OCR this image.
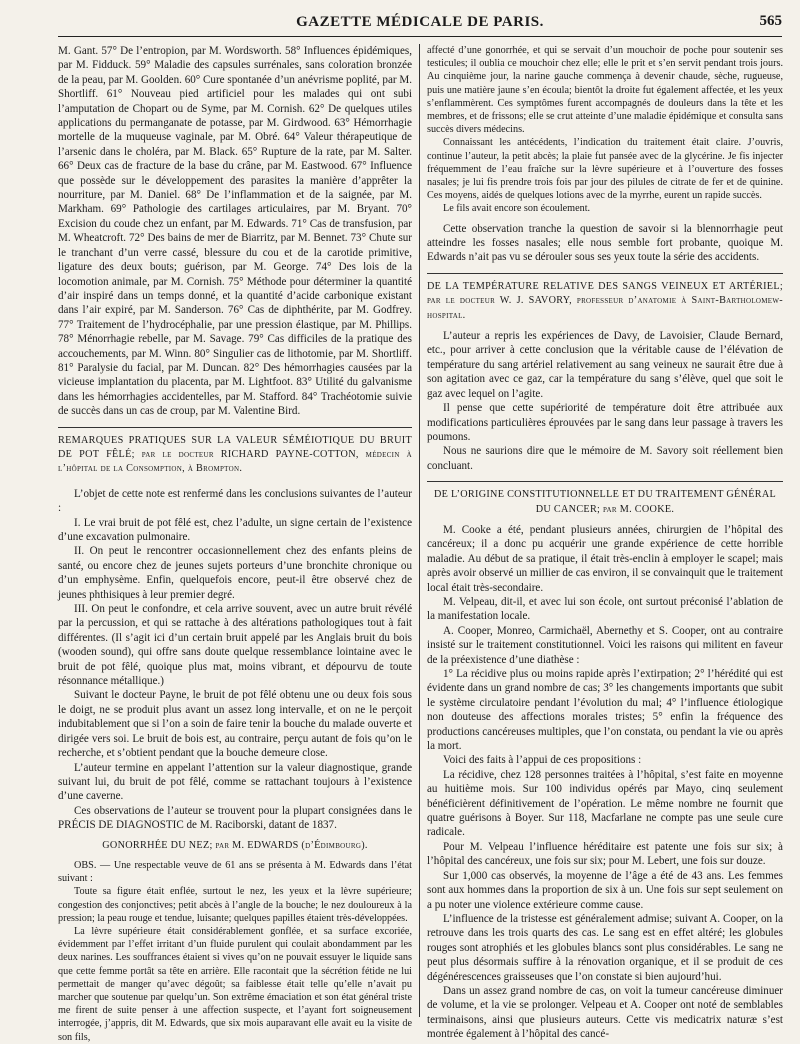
GAZETTE MÉDICALE DE PARIS.	565

M. Gant. 57° De l’entropion, par M. Wordsworth. 58° Influences épidémiques, par M. Fidduck. 59° Maladie des capsules surrénales, sans coloration bronzée de la peau, par M. Goolden. 60° Cure spontanée d’un anévrisme poplité, par M. Shortliff. 61° Nouveau pied artificiel pour les malades qui ont subi l’amputation de Chopart ou de Syme, par M. Cornish. 62° De quelques utiles applications du permanganate de potasse, par M. Girdwood. 63° Hémorrhagie mortelle de la muqueuse vaginale, par M. Obré. 64° Valeur thérapeutique de l’arsenic dans le choléra, par M. Black. 65° Rupture de la rate, par M. Salter. 66° Deux cas de fracture de la base du crâne, par M. Eastwood. 67° Influence que possède sur le développement des parasites la manière d’apprêter la nourriture, par M. Daniel. 68° De l’inflammation et de la saignée, par M. Markham. 69° Pathologie des cartilages articulaires, par M. Bryant. 70° Excision du coude chez un enfant, par M. Edwards. 71° Cas de transfusion, par M. Wheatcroft. 72° Des bains de mer de Biarritz, par M. Bennet. 73° Chute sur le tranchant d’un verre cassé, blessure du cou et de la carotide primitive, ligature des deux bouts; guérison, par M. George. 74° Des lois de la locomotion animale, par M. Cornish. 75° Méthode pour déterminer la quantité d’air inspiré dans un temps donné, et la quantité d’acide carbonique existant dans l’air expiré, par M. Sanderson. 76° Cas de diphthérite, par M. Godfrey. 77° Traitement de l’hydrocéphalie, par une pression élastique, par M. Phillips. 78° Ménorrhagie rebelle, par M. Savage. 79° Cas difficiles de la pratique des accouchements, par M. Winn. 80° Singulier cas de lithotomie, par M. Shortliff. 81° Paralysie du facial, par M. Duncan. 82° Des hémorrhagies causées par la vicieuse implantation du placenta, par M. Lightfoot. 83° Utilité du galvanisme dans les hémorrhagies accidentelles, par M. Stafford. 84° Trachéotomie suivie de succès dans un cas de croup, par M. Valentine Bird.

REMARQUES PRATIQUES SUR LA VALEUR SÉMÉIOTIQUE DU BRUIT DE POT FÊLÉ; par le docteur RICHARD PAYNE-COTTON, médecin à l’hôpital de la Consomption, à Brompton.

L’objet de cette note est renfermé dans les conclusions suivantes de l’auteur :

I. Le vrai bruit de pot fêlé est, chez l’adulte, un signe certain de l’existence d’une excavation pulmonaire.

II. On peut le rencontrer occasionnellement chez des enfants pleins de santé, ou encore chez de jeunes sujets porteurs d’une bronchite chronique ou d’un emphysème. Enfin, quelquefois encore, peut-il être observé chez de jeunes phthisiques à leur premier degré.

III. On peut le confondre, et cela arrive souvent, avec un autre bruit révélé par la percussion, et qui se rattache à des altérations pathologiques tout à fait différentes. (Il s’agit ici d’un certain bruit appelé par les Anglais bruit du bois (wooden sound), qui offre sans doute quelque ressemblance lointaine avec le bruit de pot fêlé, quoique plus mat, moins vibrant, et dépourvu de toute résonnance métallique.)

Suivant le docteur Payne, le bruit de pot fêlé obtenu une ou deux fois sous le doigt, ne se produit plus avant un assez long intervalle, et on ne le perçoit indubitablement que si l’on a soin de faire tenir la bouche du malade ouverte et dirigée vers soi. Le bruit de bois est, au contraire, perçu autant de fois qu’on le recherche, et s’obtient pendant que la bouche demeure close.

L’auteur termine en appelant l’attention sur la valeur diagnostique, grande suivant lui, du bruit de pot fêlé, comme se rattachant toujours à l’existence d’une caverne.

Ces observations de l’auteur se trouvent pour la plupart consignées dans le PRÉCIS DE DIAGNOSTIC de M. Raciborski, datant de 1837.

GONORRHÉE DU NEZ; par M. EDWARDS (d’Édimbourg).

OBS. — Une respectable veuve de 61 ans se présenta à M. Edwards dans l’état suivant :

Toute sa figure était enflée, surtout le nez, les yeux et la lèvre supérieure; congestion des conjonctives; petit abcès à l’angle de la bouche; le nez douloureux à la pression; la peau rouge et tendue, luisante; quelques papilles étaient très-développées.

La lèvre supérieure était considérablement gonflée, et sa surface excoriée, évidemment par l’effet irritant d’un fluide purulent qui coulait abondamment par les deux narines. Les souffrances étaient si vives qu’on ne pouvait essuyer le liquide sans que cette femme portât sa tête en arrière. Elle racontait que la sécrétion fétide ne lui permettait de manger qu’avec dégoût; sa faiblesse était telle qu’elle n’avait pu marcher que soutenue par quelqu’un. Son extrême émaciation et son état général triste me firent de suite penser à une affection suspecte, et l’ayant fort soigneusement interrogée, j’appris, dit M. Edwards, que six mois auparavant elle avait eu la visite de son fils,

affecté d’une gonorrhée, et qui se servait d’un mouchoir de poche pour soutenir ses testicules; il oublia ce mouchoir chez elle; elle le prit et s’en servit pendant trois jours. Au cinquième jour, la narine gauche commença à devenir chaude, sèche, rugueuse, puis une matière jaune s’en écoula; bientôt la droite fut également affectée, et les yeux s’enflammèrent. Ces symptômes furent accompagnés de douleurs dans la tête et les membres, et de frissons; elle se crut atteinte d’une maladie épidémique et consulta sans succès divers médecins.

Connaissant les antécédents, l’indication du traitement était claire. J’ouvris, continue l’auteur, la petit abcès; la plaie fut pansée avec de la glycérine. Je fis injecter fréquemment de l’eau fraîche sur la lèvre supérieure et à l’ouverture des fosses nasales; je lui fis prendre trois fois par jour des pilules de citrate de fer et de quinine. Ces moyens, aidés de quelques lotions avec de la myrrhe, eurent un rapide succès.

Le fils avait encore son écoulement.

Cette observation tranche la question de savoir si la blennorrhagie peut atteindre les fosses nasales; elle nous semble fort probante, quoique M. Edwards n’ait pas vu se dérouler sous ses yeux toute la série des accidents.

DE LA TEMPÉRATURE RELATIVE DES SANGS VEINEUX ET ARTÉRIEL; par le docteur W. J. SAVORY, professeur d’anatomie à Saint-Bartholomew-hospital.

L’auteur a repris les expériences de Davy, de Lavoisier, Claude Bernard, etc., pour arriver à cette conclusion que la véritable cause de l’élévation de température du sang artériel relativement au sang veineux ne saurait être due à son agitation avec ce gaz, car la température du sang s’élève, quel que soit le gaz avec lequel on l’agite.

Il pense que cette supériorité de température doit être attribuée aux modifications particulières éprouvées par le sang dans leur passage à travers les poumons.

Nous ne saurions dire que le mémoire de M. Savory soit réellement bien concluant.

DE L’ORIGINE CONSTITUTIONNELLE ET DU TRAITEMENT GÉNÉRAL DU CANCER; par M. COOKE.

M. Cooke a été, pendant plusieurs années, chirurgien de l’hôpital des cancéreux; il a donc pu acquérir une grande expérience de cette horrible maladie. Au début de sa pratique, il était très-enclin à employer le scapel; mais après avoir observé un millier de cas environ, il se convainquit que le traitement local était très-secondaire.

M. Velpeau, dit-il, et avec lui son école, ont surtout préconisé l’ablation de la manifestation locale.

A. Cooper, Monreo, Carmichaël, Abernethy et S. Cooper, ont au contraire insisté sur le traitement constitutionnel. Voici les raisons qui militent en faveur de la préexistence d’une diathèse :

1° La récidive plus ou moins rapide après l’extirpation; 2° l’hérédité qui est évidente dans un grand nombre de cas; 3° les changements importants que subit le système circulatoire pendant l’évolution du mal; 4° l’influence étiologique non douteuse des affections morales tristes; 5° enfin la fréquence des productions cancéreuses multiples, que l’on constata, ou pendant la vie ou après la mort.

Voici des faits à l’appui de ces propositions :

La récidive, chez 128 personnes traitées à l’hôpital, s’est faite en moyenne au huitième mois. Sur 100 individus opérés par Mayo, cinq seulement bénéficièrent définitivement de l’opération. Le même nombre ne fournit que quatre guérisons à Boyer. Sur 118, Macfarlane ne compte pas une seule cure radicale.

Pour M. Velpeau l’influence héréditaire est patente une fois sur six; à l’hôpital des cancéreux, une fois sur six; pour M. Lebert, une fois sur douze.

Sur 1,000 cas observés, la moyenne de l’âge a été de 43 ans. Les femmes sont aux hommes dans la proportion de six à un. Une fois sur sept seulement on a pu noter une violence extérieure comme cause.

L’influence de la tristesse est généralement admise; suivant A. Cooper, on la retrouve dans les trois quarts des cas. Le sang est en effet altéré; les globules rouges sont atrophiés et les globules blancs sont plus considérables. Le sang ne peut plus désormais suffire à la rénovation organique, et il se produit de ces dégénérescences graisseuses que l’on constate si bien aujourd’hui.

Dans un assez grand nombre de cas, on voit la tumeur cancéreuse diminuer de volume, et la vie se prolonger. Velpeau et A. Cooper ont noté de semblables terminaisons, ainsi que plusieurs auteurs. Cette vis medicatrix naturæ s’est montrée également à l’hôpital des cancé-
